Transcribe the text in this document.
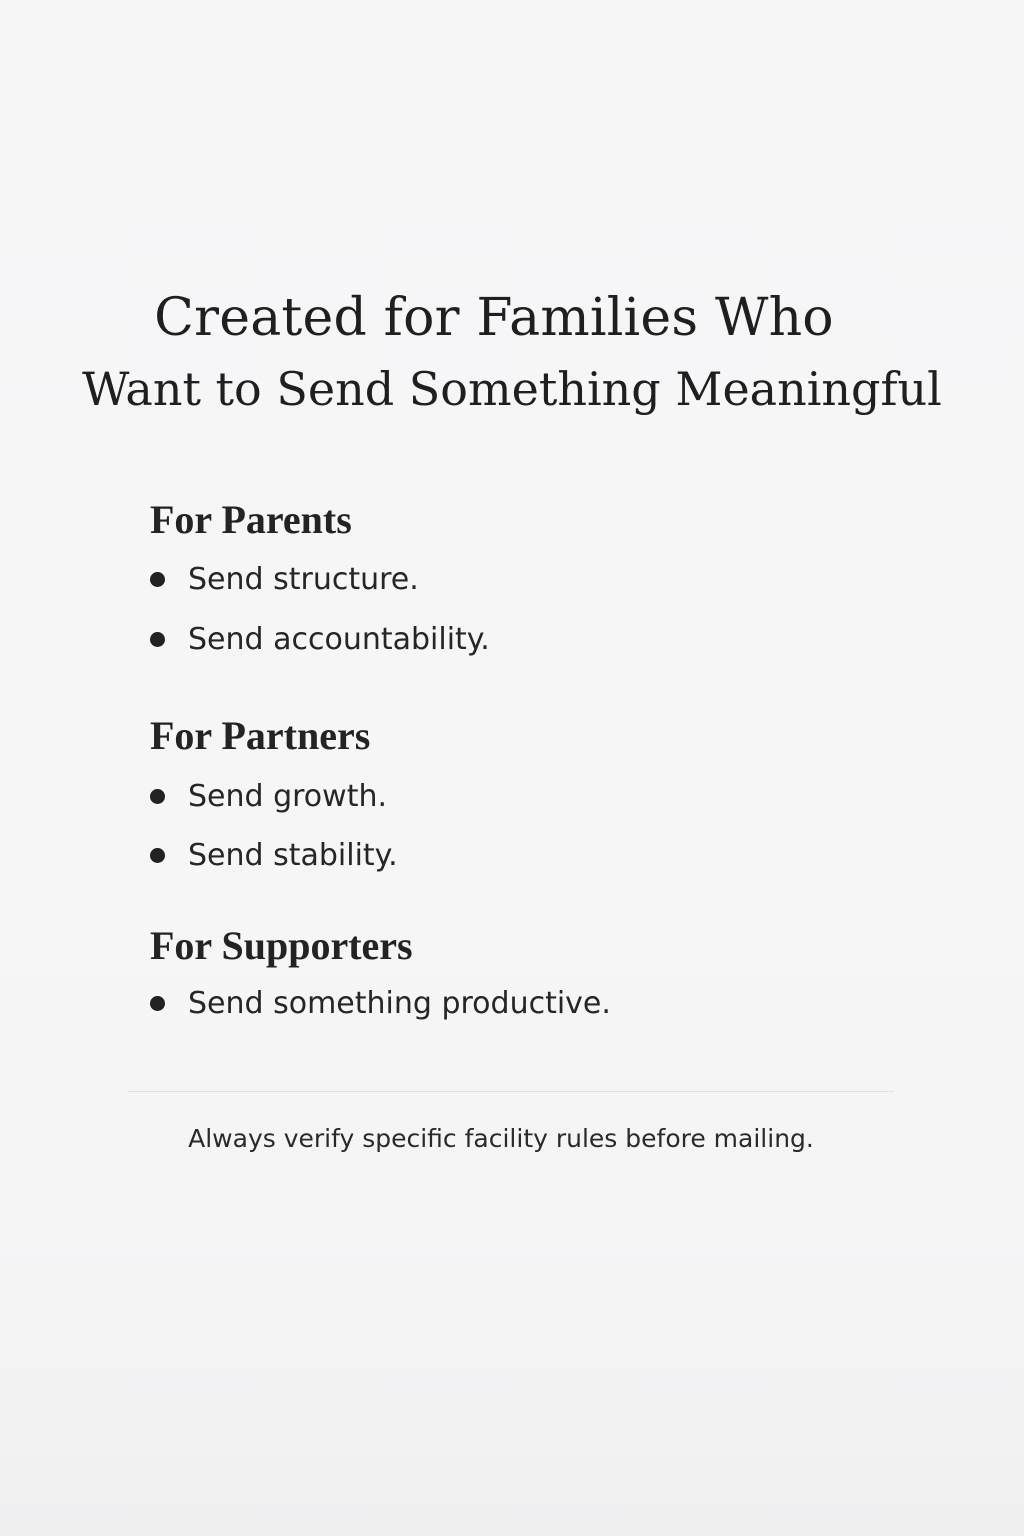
Created for Families Who
Want to Send Something Meaningful
For Parents
Send structure.
Send accountability.
For Partners
Send growth.
Send stability.
For Supporters
Send something productive.

Always verify specific facility rules before mailing.
